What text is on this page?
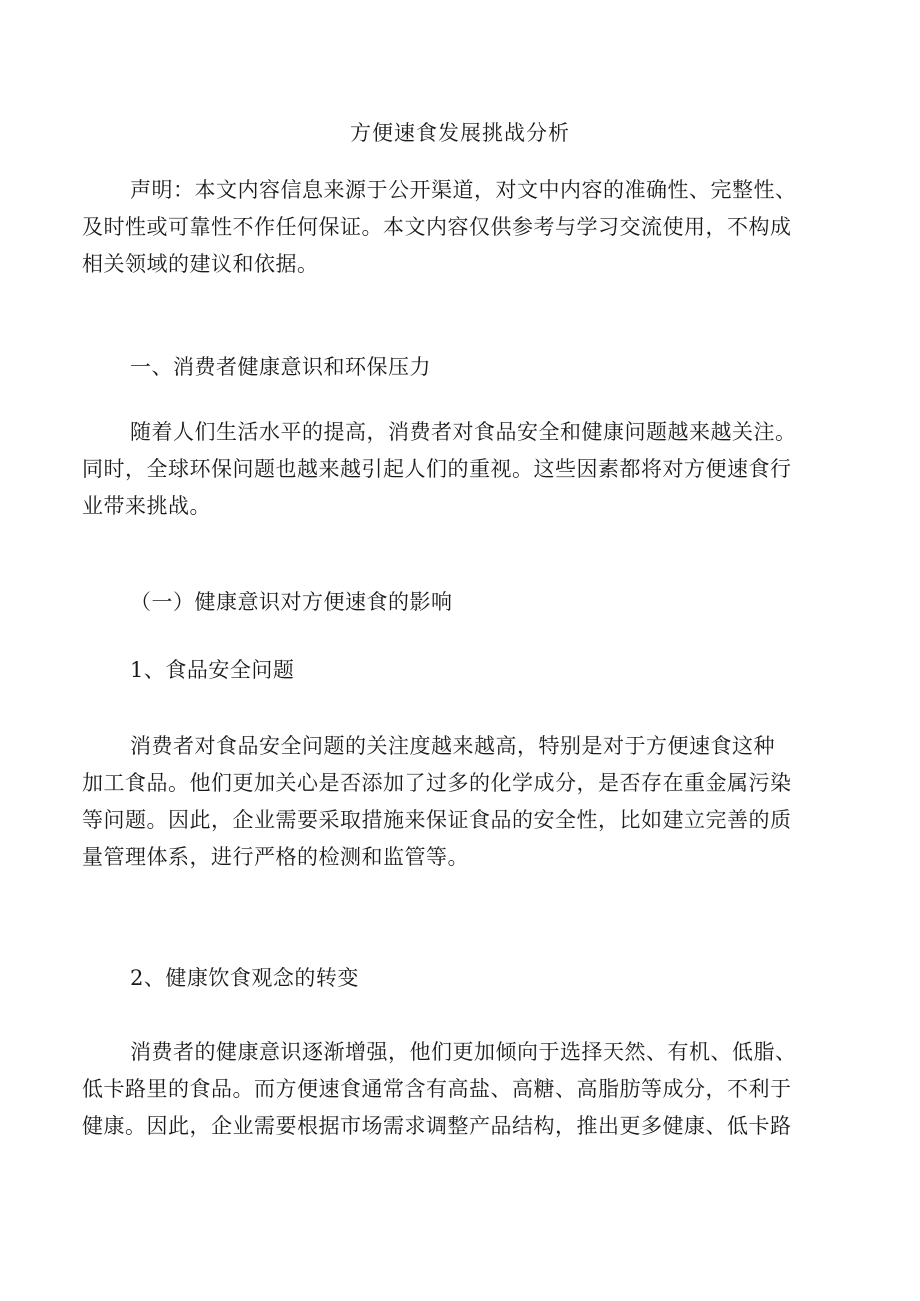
方便速食发展挑战分析
声明：本文内容信息来源于公开渠道，对文中内容的准确性、完整性、
及时性或可靠性不作任何保证。本文内容仅供参考与学习交流使用，不构成
相关领域的建议和依据。
一、消费者健康意识和环保压力
随着人们生活水平的提高，消费者对食品安全和健康问题越来越关注。
同时，全球环保问题也越来越引起人们的重视。这些因素都将对方便速食行
业带来挑战。
（一）健康意识对方便速食的影响
1、食品安全问题
消费者对食品安全问题的关注度越来越高，特别是对于方便速食这种
加工食品。他们更加关心是否添加了过多的化学成分，是否存在重金属污染
等问题。因此，企业需要采取措施来保证食品的安全性，比如建立完善的质
量管理体系，进行严格的检测和监管等。
2、健康饮食观念的转变
消费者的健康意识逐渐增强，他们更加倾向于选择天然、有机、低脂、
低卡路里的食品。而方便速食通常含有高盐、高糖、高脂肪等成分，不利于
健康。因此，企业需要根据市场需求调整产品结构，推出更多健康、低卡路
